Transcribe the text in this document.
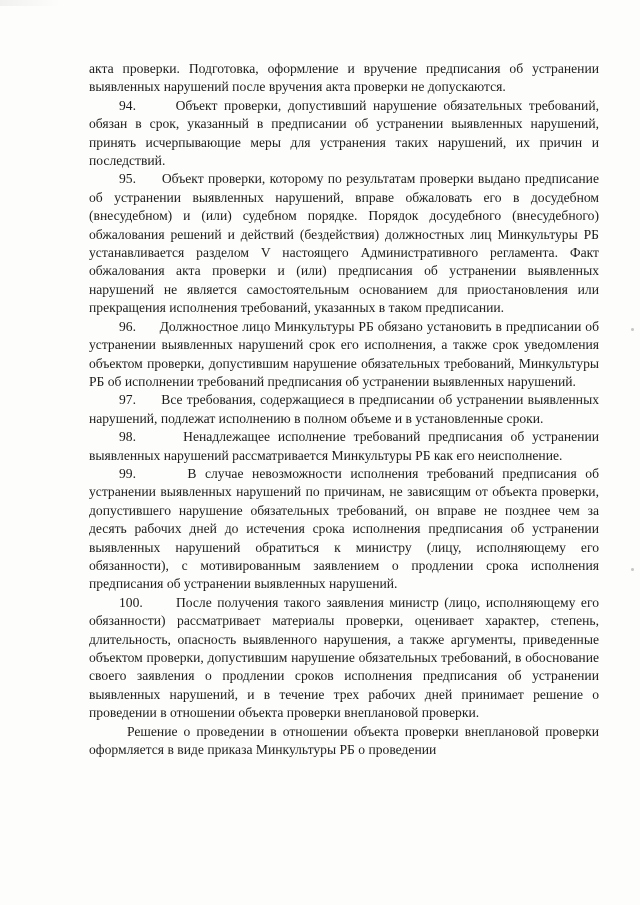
акта проверки. Подготовка, оформление и вручение предписания об устранении выявленных нарушений после вручения акта проверки не допускаются.

94.	Объект проверки, допустивший нарушение обязательных требований, обязан в срок, указанный в предписании об устранении выявленных нарушений, принять исчерпывающие меры для устранения таких нарушений, их причин и последствий.

95. Объект проверки, которому по результатам проверки выдано предписание об устранении выявленных нарушений, вправе обжаловать его в досудебном (внесудебном) и (или) судебном порядке. Порядок досудебного (внесудебного) обжалования решений и действий (бездействия) должностных лиц Минкультуры РБ устанавливается разделом V настоящего Административного регламента. Факт обжалования акта проверки и (или) предписания об устранении выявленных нарушений не является самостоятельным основанием для приостановления или прекращения исполнения требований, указанных в таком предписании.

96. Должностное лицо Минкультуры РБ обязано установить в предписании об устранении выявленных нарушений срок его исполнения, а также срок уведомления объектом проверки, допустившим нарушение обязательных требований, Минкультуры РБ об исполнении требований предписания об устранении выявленных нарушений.

97. Все требования, содержащиеся в предписании об устранении выявленных нарушений, подлежат исполнению в полном объеме и в установленные сроки.

98.	Ненадлежащее исполнение требований предписания об устранении выявленных нарушений рассматривается Минкультуры РБ как его неисполнение.

99.	В случае невозможности исполнения требований предписания об устранении выявленных нарушений по причинам, не зависящим от объекта проверки, допустившего нарушение обязательных требований, он вправе не позднее чем за десять рабочих дней до истечения срока исполнения предписания об устранении выявленных нарушений обратиться к министру (лицу, исполняющему его обязанности), с мотивированным заявлением о продлении срока исполнения предписания об устранении выявленных нарушений.

100. После получения такого заявления министр (лицо, исполняющему его обязанности) рассматривает материалы проверки, оценивает характер, степень, длительность, опасность выявленного нарушения, а также аргументы, приведенные объектом проверки, допустившим нарушение обязательных требований, в обоснование своего заявления о продлении сроков исполнения предписания об устранении выявленных нарушений, и в течение трех рабочих дней принимает решение о проведении в отношении объекта проверки внеплановой проверки.

Решение о проведении в отношении объекта проверки внеплановой проверки оформляется в виде приказа Минкультуры РБ о проведении
